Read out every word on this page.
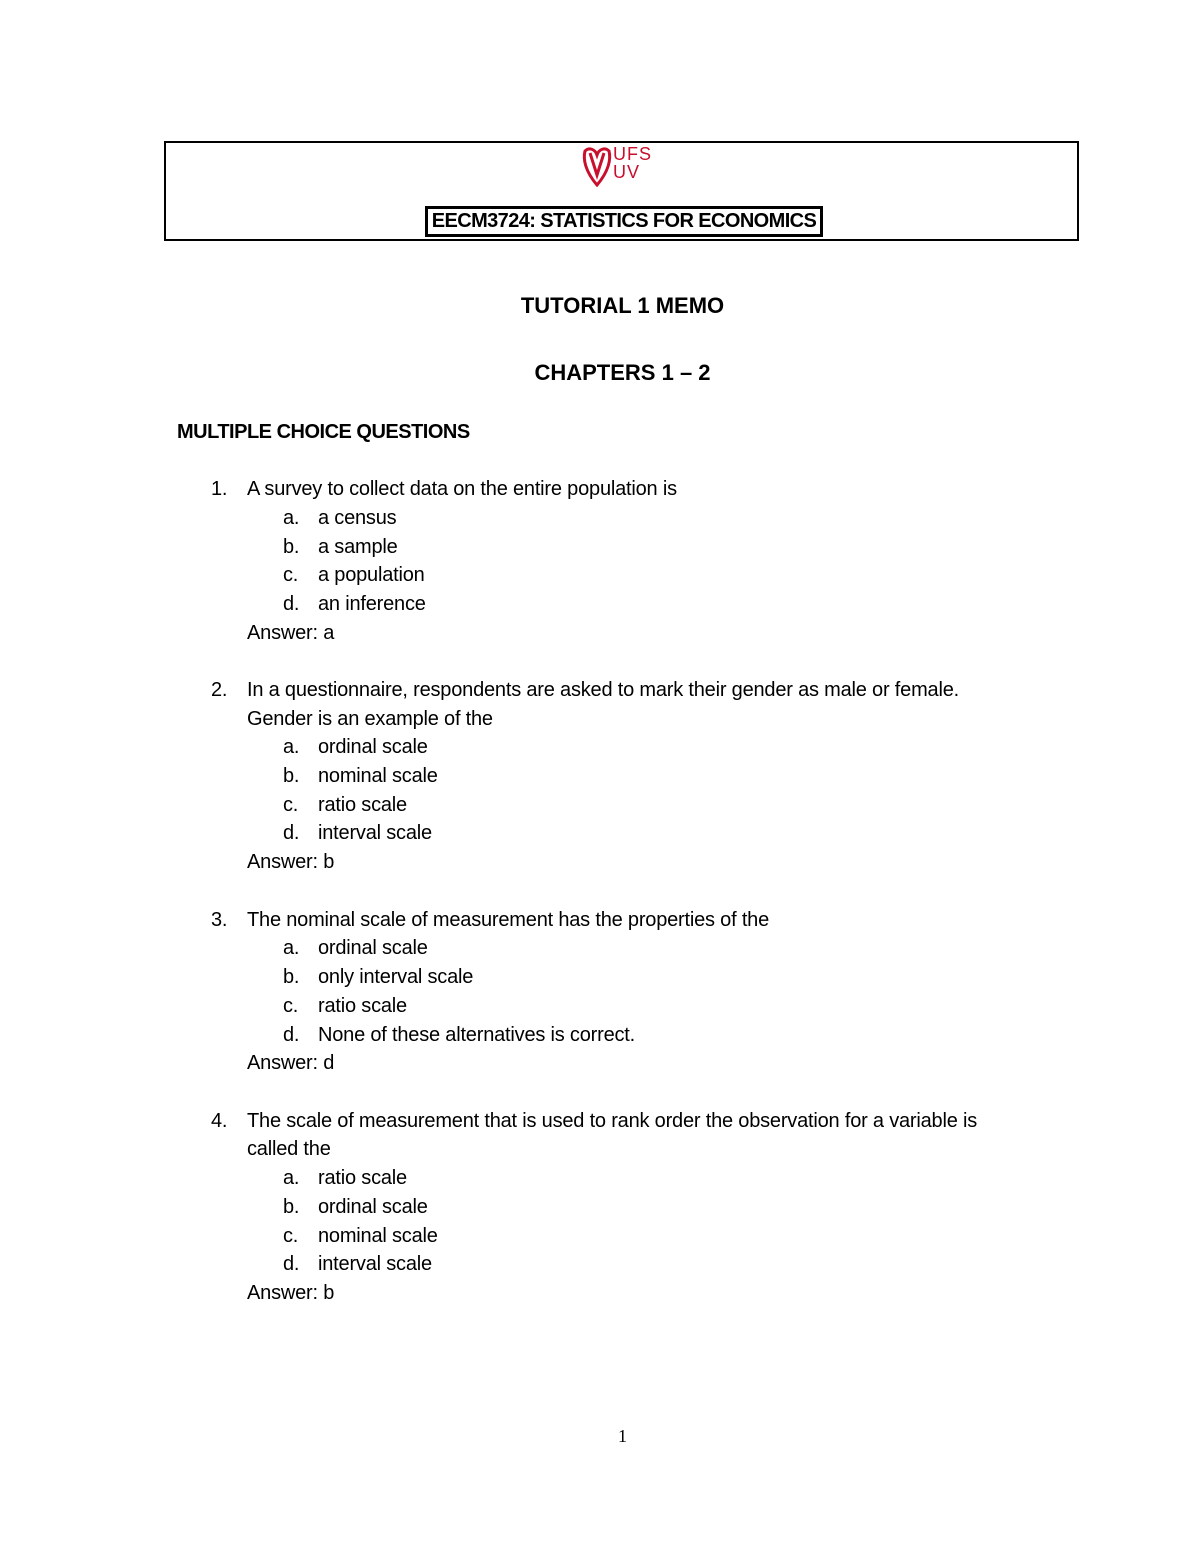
UFS
UV
EECM3724: STATISTICS FOR ECONOMICS
TUTORIAL 1 MEMO
CHAPTERS 1 – 2
MULTIPLE CHOICE QUESTIONS
1. A survey to collect data on the entire population is
a. a census
b. a sample
c. a population
d. an inference
Answer: a
2. In a questionnaire, respondents are asked to mark their gender as male or female.
Gender is an example of the
a. ordinal scale
b. nominal scale
c. ratio scale
d. interval scale
Answer: b
3. The nominal scale of measurement has the properties of the
a. ordinal scale
b. only interval scale
c. ratio scale
d. None of these alternatives is correct.
Answer: d
4. The scale of measurement that is used to rank order the observation for a variable is
called the
a. ratio scale
b. ordinal scale
c. nominal scale
d. interval scale
Answer: b
1
